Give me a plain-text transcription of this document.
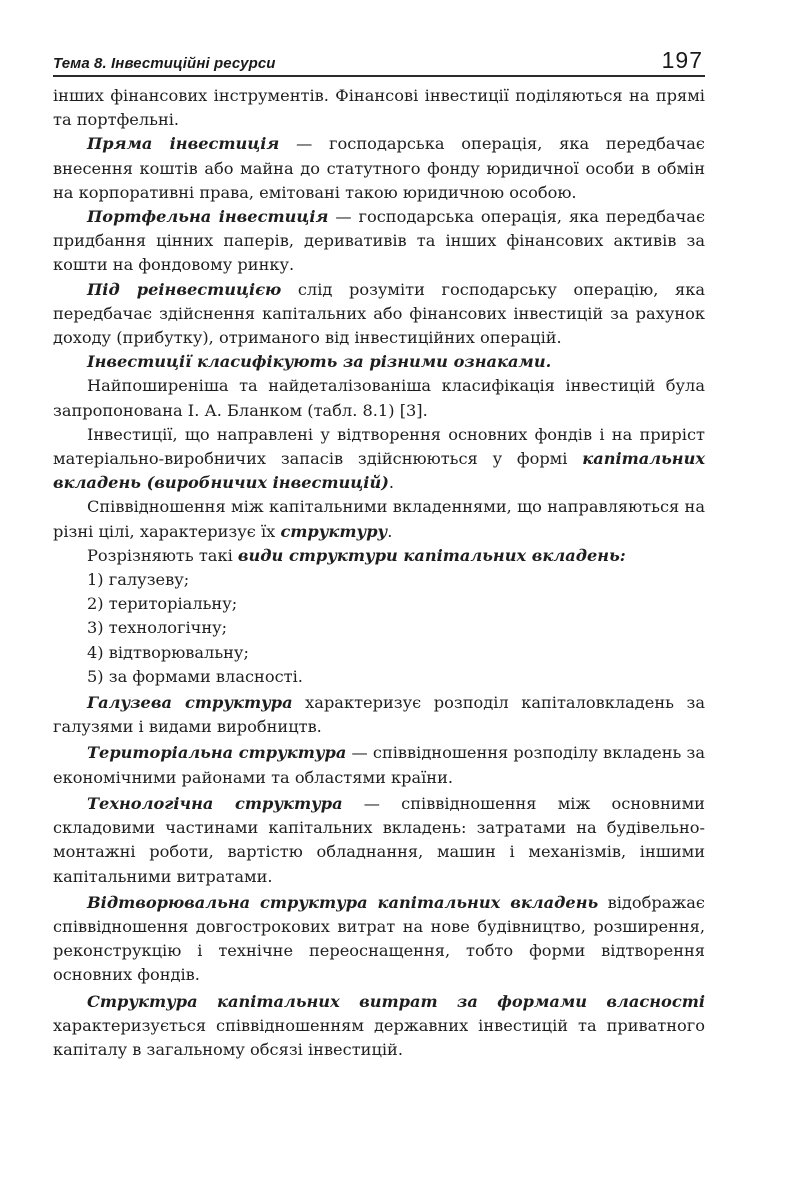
Тема 8. Інвестиційні ресурси	197

інших фінансових інструментів. Фінансові інвестиції поділяються на прямі та портфельні.

Пряма інвестиція — господарська операція, яка передбачає внесення коштів або майна до статутного фонду юридичної особи в обмін на корпоративні права, емітовані такою юридичною особою.

Портфельна інвестиція — господарська операція, яка передбачає придбання цінних паперів, деривативів та інших фінансових активів за кошти на фондовому ринку.

Під реінвестицією слід розуміти господарську операцію, яка передбачає здійснення капітальних або фінансових інвестицій за рахунок доходу (прибутку), отриманого від інвестиційних операцій.

Інвестиції класифікують за різними ознаками.

Найпоширеніша та найдеталізованіша класифікація інвестицій була запропонована І. А. Бланком (табл. 8.1) [3].

Інвестиції, що направлені у відтворення основних фондів і на приріст матеріально-виробничих запасів здійснюються у формі капітальних вкладень (виробничих інвестицій).

Співвідношення між капітальними вкладеннями, що направляються на різні цілі, характеризує їх структуру.

Розрізняють такі види структури капітальних вкладень:

1) галузеву;
2) територіальну;
3) технологічну;
4) відтворювальну;
5) за формами власності.

Галузева структура характеризує розподіл капіталовкладень за галузями і видами виробництв.

Територіальна структура — співвідношення розподілу вкладень за економічними районами та областями країни.

Технологічна структура — співвідношення між основними складовими частинами капітальних вкладень: затратами на будівельно-монтажні роботи, вартістю обладнання, машин і механізмів, іншими капітальними витратами.

Відтворювальна структура капітальних вкладень відображає співвідношення довгострокових витрат на нове будівництво, розширення, реконструкцію і технічне переоснащення, тобто форми відтворення основних фондів.

Структура капітальних витрат за формами власності характеризується співвідношенням державних інвестицій та приватного капіталу в загальному обсязі інвестицій.
